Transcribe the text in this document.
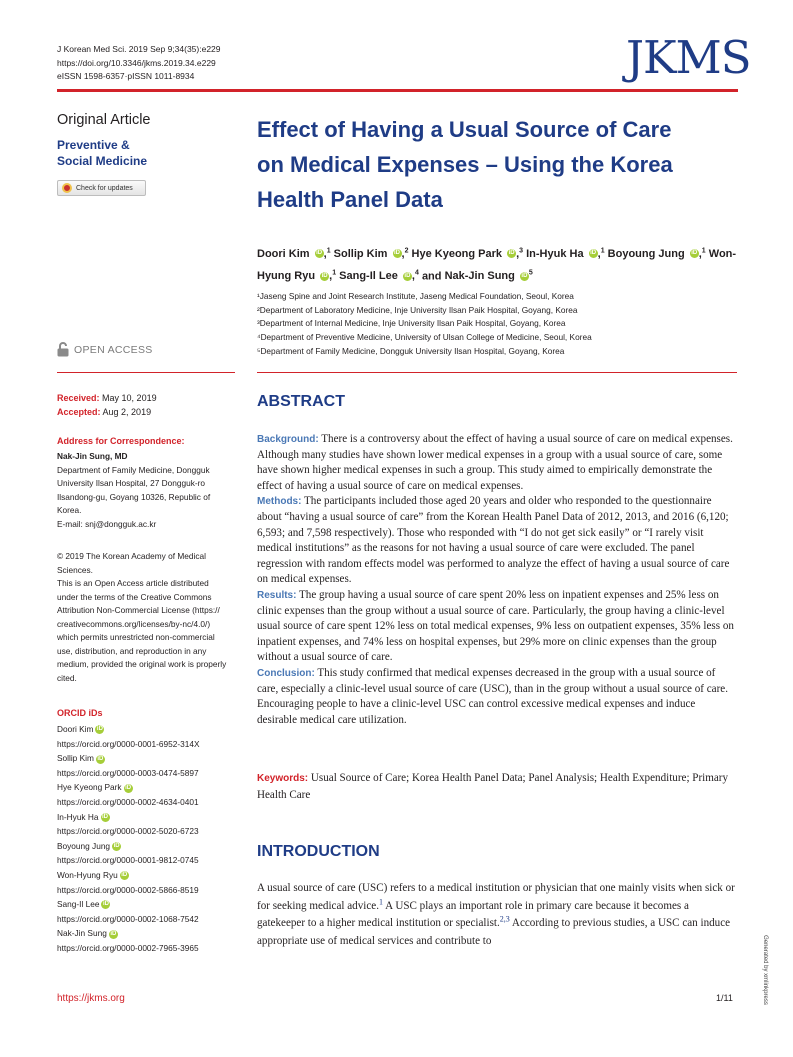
J Korean Med Sci. 2019 Sep 9;34(35):e229
https://doi.org/10.3346/jkms.2019.34.e229
eISSN 1598-6357·pISSN 1011-8934	JKMS
Original Article
Preventive &
Social Medicine
Check for updates
OPEN ACCESS
Received: May 10, 2019
Accepted: Aug 2, 2019
Address for Correspondence:
Nak-Jin Sung, MD
Department of Family Medicine, Dongguk
University Ilsan Hospital, 27 Dongguk-ro
Ilsandong-gu, Goyang 10326, Republic of
Korea.
E-mail: snj@dongguk.ac.kr
© 2019 The Korean Academy of Medical
Sciences.
This is an Open Access article distributed
under the terms of the Creative Commons
Attribution Non-Commercial License (https://
creativecommons.org/licenses/by-nc/4.0/)
which permits unrestricted non-commercial
use, distribution, and reproduction in any
medium, provided the original work is properly
cited.
ORCID iDs
Doori Kim iD
https://orcid.org/0000-0001-6952-314X
Sollip Kim iD
https://orcid.org/0000-0003-0474-5897
Hye Kyeong Park iD
https://orcid.org/0000-0002-4634-0401
In-Hyuk Ha iD
https://orcid.org/0000-0002-5020-6723
Boyoung Jung iD
https://orcid.org/0000-0001-9812-0745
Won-Hyung Ryu iD
https://orcid.org/0000-0002-5866-8519
Sang-Il Lee iD
https://orcid.org/0000-0002-1068-7542
Nak-Jin Sung iD
https://orcid.org/0000-0002-7965-3965
Effect of Having a Usual Source of Care
on Medical Expenses – Using the Korea
Health Panel Data
Doori Kim iD ,$^1$ Sollip Kim iD ,$^2$ Hye Kyeong Park iD ,$^3$ In-Hyuk Ha iD ,$^1$ Boyoung Jung iD ,$^1$ Won-Hyung Ryu iD ,$^1$ Sang-Il Lee iD ,$^4$ and Nak-Jin Sung iD $^5$
¹Jaseng Spine and Joint Research Institute, Jaseng Medical Foundation, Seoul, Korea
²Department of Laboratory Medicine, Inje University Ilsan Paik Hospital, Goyang, Korea
³Department of Internal Medicine, Inje University Ilsan Paik Hospital, Goyang, Korea
⁴Department of Preventive Medicine, University of Ulsan College of Medicine, Seoul, Korea
⁵Department of Family Medicine, Dongguk University Ilsan Hospital, Goyang, Korea
ABSTRACT
Background: There is a controversy about the effect of having a usual source of care on medical expenses. Although many studies have shown lower medical expenses in a group with a usual source of care, some have shown higher medical expenses in such a group. This study aimed to empirically demonstrate the effect of having a usual source of care on medical expenses.
Methods: The participants included those aged 20 years and older who responded to the questionnaire about “having a usual source of care” from the Korean Health Panel Data of 2012, 2013, and 2016 (6,120; 6,593; and 7,598 respectively). Those who responded with “I do not get sick easily” or “I rarely visit medical institutions” as the reasons for not having a usual source of care were excluded. The panel regression with random effects model was performed to analyze the effect of having a usual source of care on medical expenses.
Results: The group having a usual source of care spent 20% less on inpatient expenses and 25% less on clinic expenses than the group without a usual source of care. Particularly, the group having a clinic-level usual source of care spent 12% less on total medical expenses, 9% less on outpatient expenses, 35% less on inpatient expenses, and 74% less on hospital expenses, but 29% more on clinic expenses than the group without a usual source of care.
Conclusion: This study confirmed that medical expenses decreased in the group with a usual source of care, especially a clinic-level usual source of care (USC), than in the group without a usual source of care. Encouraging people to have a clinic-level USC can control excessive medical expenses and induce desirable medical care utilization.
Keywords: Usual Source of Care; Korea Health Panel Data; Panel Analysis; Health Expenditure; Primary Health Care
INTRODUCTION
A usual source of care (USC) refers to a medical institution or physician that one mainly visits when sick or for seeking medical advice.$^1$ A USC plays an important role in primary care because it becomes a gatekeeper to a higher medical institution or specialist.$^{2,3}$ According to previous studies, a USC can induce appropriate use of medical services and contribute to
https://jkms.org	1/11	Generated by xmlinkpress
